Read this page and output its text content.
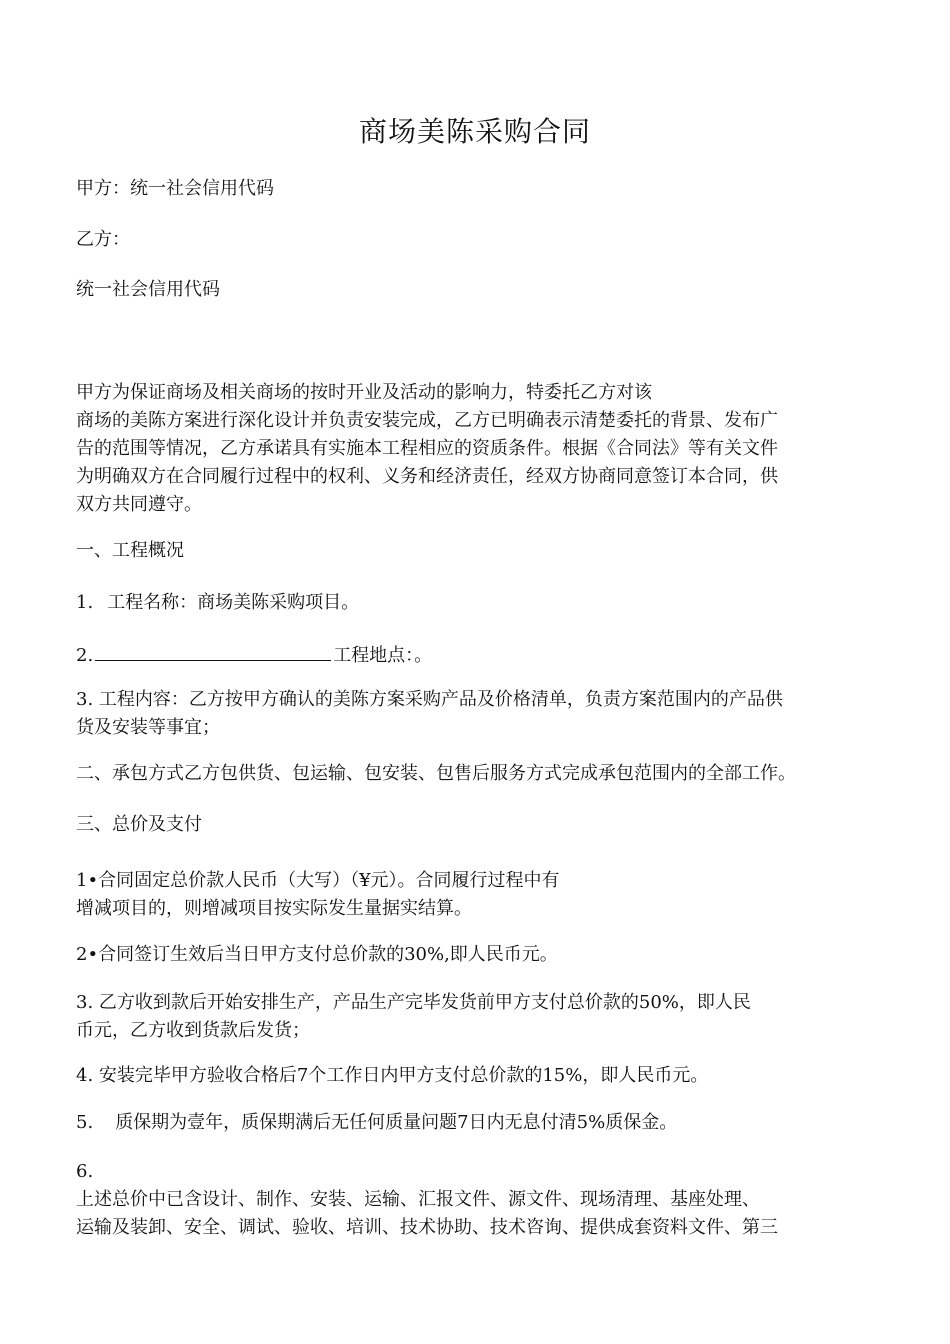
商场美陈采购合同

甲方：统一社会信用代码

乙方：

统一社会信用代码

甲方为保证商场及相关商场的按时开业及活动的影响力，特委托乙方对该
商场的美陈方案进行深化设计并负责安装完成，乙方已明确表示清楚委托的背景、发布广
告的范围等情况，乙方承诺具有实施本工程相应的资质条件。根据《合同法》等有关文件
为明确双方在合同履行过程中的权利、义务和经济责任，经双方协商同意签订本合同，供
双方共同遵守。

一、工程概况

1. 工程名称：商场美陈采购项目。

2.	工程地点：。

3. 工程内容：乙方按甲方确认的美陈方案采购产品及价格清单，负责方案范围内的产品供
货及安装等事宜；

二、承包方式乙方包供货、包运输、包安装、包售后服务方式完成承包范围内的全部工作。

三、总价及支付

1•合同固定总价款人民币（大写）（¥元）。合同履行过程中有
增减项目的，则增减项目按实际发生量据实结算。

2•合同签订生效后当日甲方支付总价款的30%,即人民币元。

3. 乙方收到款后开始安排生产，产品生产完毕发货前甲方支付总价款的50%，即人民
币元，乙方收到货款后发货；

4. 安装完毕甲方验收合格后7个工作日内甲方支付总价款的15%，即人民币元。

5. 质保期为壹年，质保期满后无任何质量问题7日内无息付清5%质保金。

6.
上述总价中已含设计、制作、安装、运输、汇报文件、源文件、现场清理、基座处理、
运输及装卸、安全、调试、验收、培训、技术协助、技术咨询、提供成套资料文件、第三
